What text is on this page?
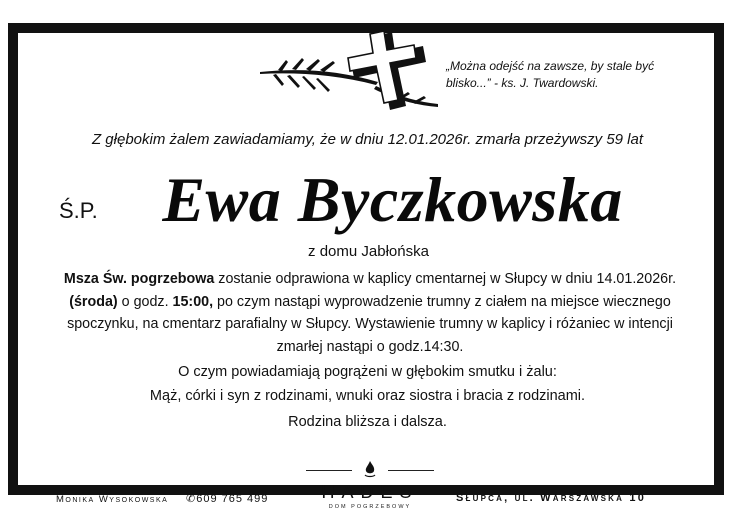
„Można odejść na zawsze, by stale być blisko...” - ks. J. Twardowski.
Z głębokim żalem zawiadamiamy, że w dniu 12.01.2026r. zmarła przeżywszy 59 lat
Ś.P.	Ewa Byczkowska
z domu Jabłońska
Msza Św. pogrzebowa zostanie odprawiona w kaplicy cmentarnej w Słupcy w dniu 14.01.2026r. (środa) o godz. 15:00, po czym nastąpi wyprowadzenie trumny z ciałem na miejsce wiecznego spoczynku, na cmentarz parafialny w Słupcy. Wystawienie trumny w kaplicy i różaniec w intencji zmarłej nastąpi o godz.14:30.
O czym powiadamiają pogrążeni w głębokim smutku i żalu:
Mąż, córki i syn z rodzinami, wnuki oraz siostra i bracia z rodzinami.
Rodzina bliższa i dalsza.
Monika Wysokowska ✆609 765 499	HADES
DOM POGRZEBOWY
Słupca, ul. Warszawska 10
